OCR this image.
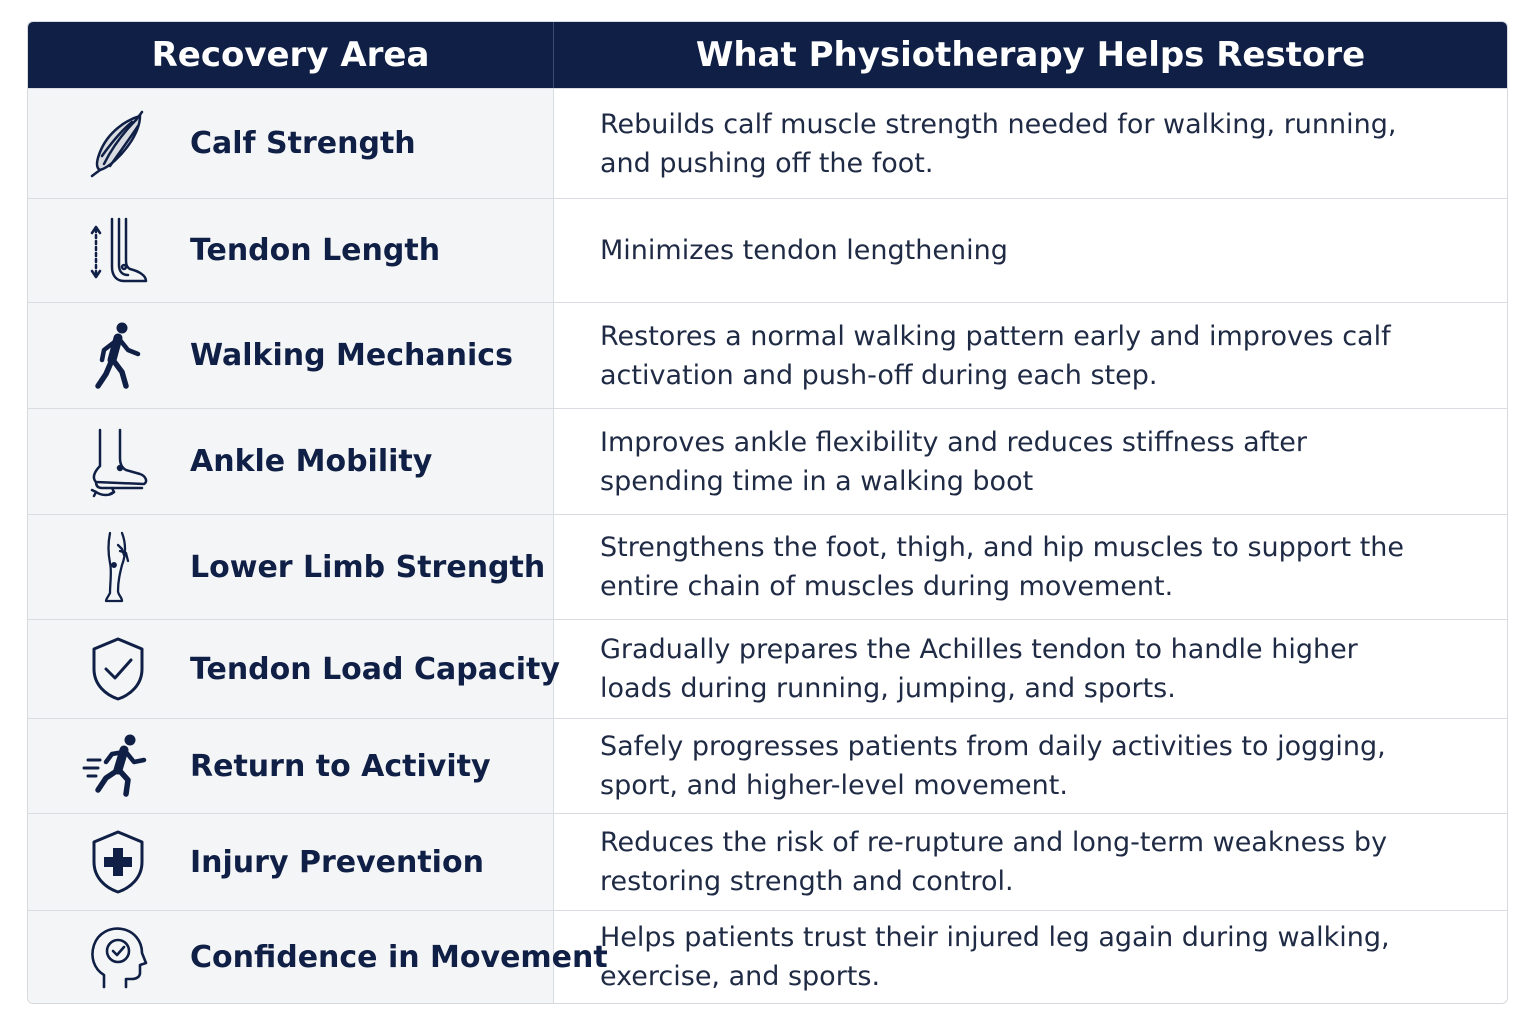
Recovery Area	What Physiotherapy Helps Restore
Calf Strength
Rebuilds calf muscle strength needed for walking, running, and pushing off the foot.
Tendon Length	Minimizes tendon lengthening
Walking Mechanics
Restores a normal walking pattern early and improves calf activation and push-off during each step.
Ankle Mobility
Improves ankle flexibility and reduces stiffness after spending time in a walking boot
Lower Limb Strength
Strengthens the foot, thigh, and hip muscles to support the entire chain of muscles during movement.
Tendon Load Capacity
Gradually prepares the Achilles tendon to handle higher loads during running, jumping, and sports.
Return to Activity
Safely progresses patients from daily activities to jogging, sport, and higher-level movement.
Injury Prevention
Reduces the risk of re-rupture and long-term weakness by restoring strength and control.
Confidence in Movement
Helps patients trust their injured leg again during walking, exercise, and sports.
